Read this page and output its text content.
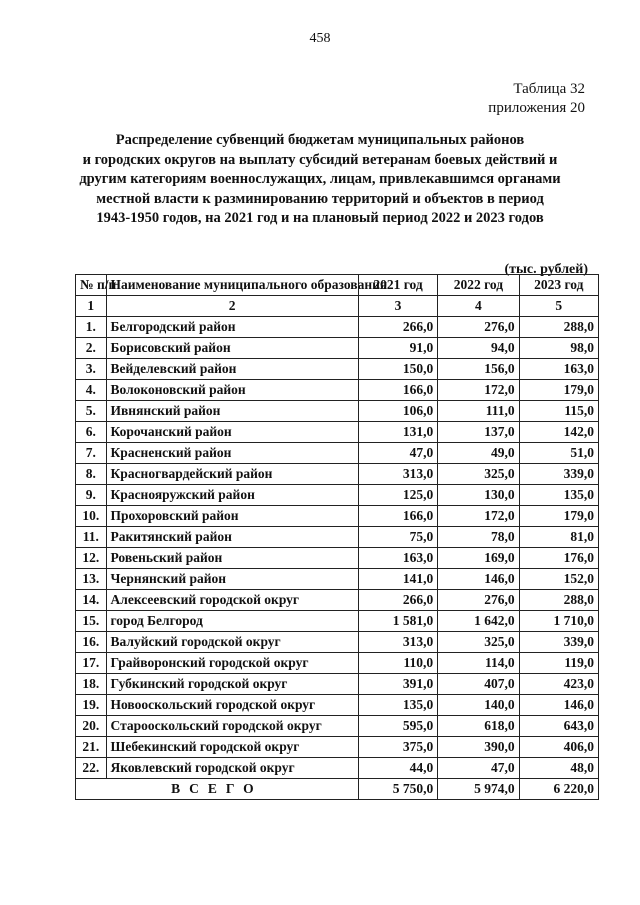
458
Таблица 32
приложения 20
Распределение субвенций бюджетам муниципальных районов
и городских округов на выплату субсидий ветеранам боевых действий и
другим категориям военнослужащих, лицам, привлекавшимся органами
местной власти к разминированию территорий и объектов в период
1943-1950 годов, на 2021 год и на плановый период 2022 и 2023 годов
(тыс. рублей)

№ п/п	Наименование муниципального образования	2021 год	2022 год	2023 год
1	2	3	4	5
1.	Белгородский район	266,0	276,0	288,0
2.	Борисовский район	91,0	94,0	98,0
3.	Вейделевский район	150,0	156,0	163,0
4.	Волоконовский район	166,0	172,0	179,0
5.	Ивнянский район	106,0	111,0	115,0
6.	Корочанский район	131,0	137,0	142,0
7.	Красненский район	47,0	49,0	51,0
8.	Красногвардейский район	313,0	325,0	339,0
9.	Краснояружский район	125,0	130,0	135,0
10.	Прохоровский район	166,0	172,0	179,0
11.	Ракитянский район	75,0	78,0	81,0
12.	Ровеньский район	163,0	169,0	176,0
13.	Чернянский район	141,0	146,0	152,0
14.	Алексеевский городской округ	266,0	276,0	288,0
15.	город Белгород	1 581,0	1 642,0	1 710,0
16.	Валуйский городской округ	313,0	325,0	339,0
17.	Грайворонский городской округ	110,0	114,0	119,0
18.	Губкинский городской округ	391,0	407,0	423,0
19.	Новооскольский городской округ	135,0	140,0	146,0
20.	Старооскольский городской округ	595,0	618,0	643,0
21.	Шебекинский городской округ	375,0	390,0	406,0
22.	Яковлевский городской округ	44,0	47,0	48,0
ВСЕГО		5 750,0	5 974,0	6 220,0
